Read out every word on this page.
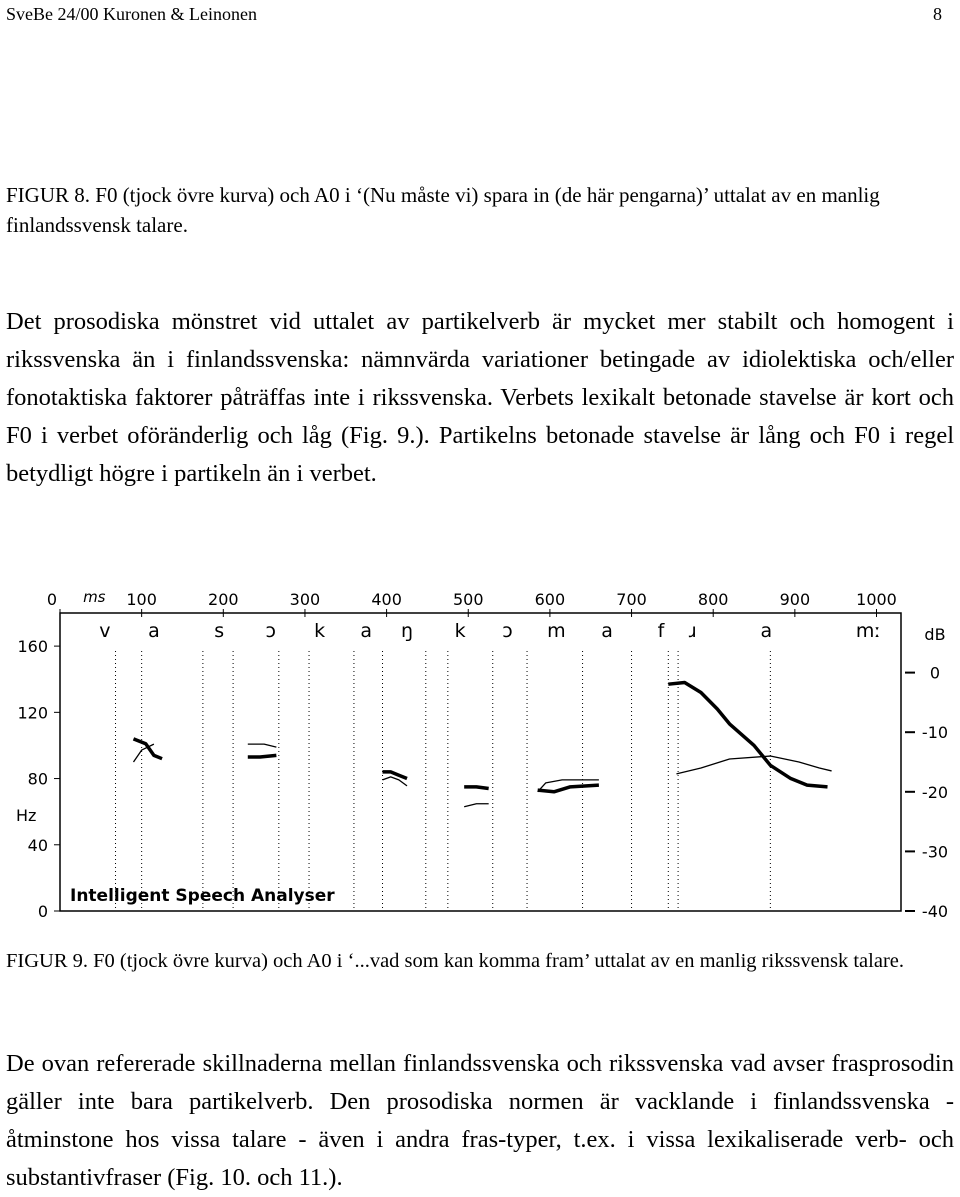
SveBe 24/00 Kuronen & Leinonen	8
FIGUR 8. F0 (tjock övre kurva) och A0 i ‘(Nu måste vi) spara in (de här pengarna)’ uttalat av en manlig finlandssvensk talare.
Det prosodiska mönstret vid uttalet av partikelverb är mycket mer stabilt och homogent i rikssvenska än i finlandssvenska: nämnvärda variationer betingade av idiolektiska och/eller fonotaktiska faktorer påträffas inte i rikssvenska. Verbets lexikalt betonade stavelse är kort och F0 i verbet oföränderlig och låg (Fig. 9.). Partikelns betonade stavelse är lång och F0 i regel betydligt högre i partikeln än i verbet.
0	100	200	300	400	500	600	700	800	900	1000
ms
0
40
80
120
160
Hz
0
-10
-20
-30
-40
dB
v a	s ɔ k a ŋ k ɔ m a f ɹ	a	mː
Intelligent Speech Analyser
FIGUR 9. F0 (tjock övre kurva) och A0 i ‘...vad som kan komma fram’ uttalat av en manlig rikssvensk talare.
De ovan refererade skillnaderna mellan finlandssvenska och rikssvenska vad avser frasprosodin gäller inte bara partikelverb. Den prosodiska normen är vacklande i finlandssvenska - åtminstone hos vissa talare - även i andra fras-typer, t.ex. i vissa lexikaliserade verb- och substantivfraser (Fig. 10. och 11.).
